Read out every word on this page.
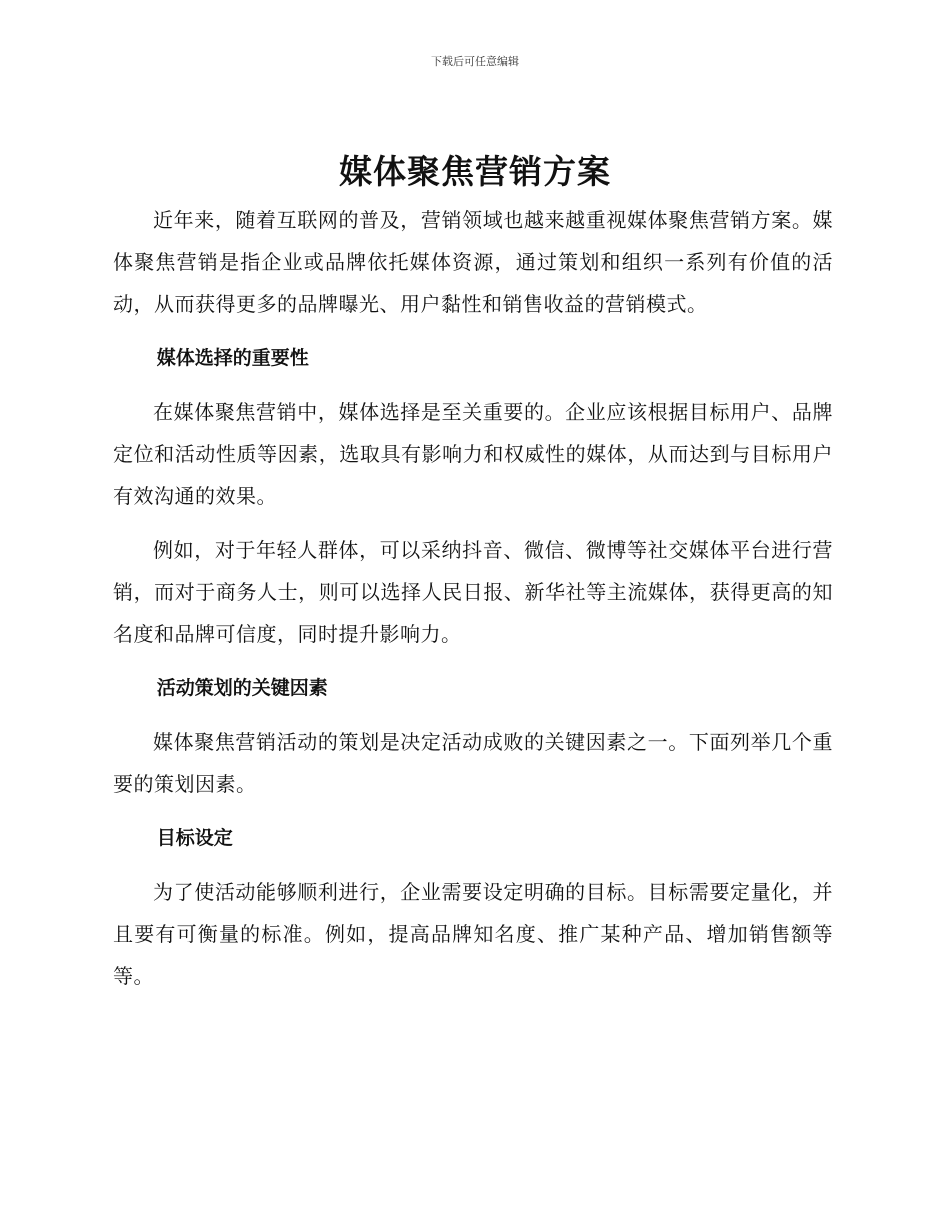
下载后可任意编辑
媒体聚焦营销方案

近年来，随着互联网的普及，营销领域也越来越重视媒体聚焦营销方案。媒体聚焦营销是指企业或品牌依托媒体资源，通过策划和组织一系列有价值的活动，从而获得更多的品牌曝光、用户黏性和销售收益的营销模式。

媒体选择的重要性

在媒体聚焦营销中，媒体选择是至关重要的。企业应该根据目标用户、品牌定位和活动性质等因素，选取具有影响力和权威性的媒体，从而达到与目标用户有效沟通的效果。

例如，对于年轻人群体，可以采纳抖音、微信、微博等社交媒体平台进行营销，而对于商务人士，则可以选择人民日报、新华社等主流媒体，获得更高的知名度和品牌可信度，同时提升影响力。

活动策划的关键因素

媒体聚焦营销活动的策划是决定活动成败的关键因素之一。下面列举几个重要的策划因素。

目标设定

为了使活动能够顺利进行，企业需要设定明确的目标。目标需要定量化，并且要有可衡量的标准。例如，提高品牌知名度、推广某种产品、增加销售额等等。
